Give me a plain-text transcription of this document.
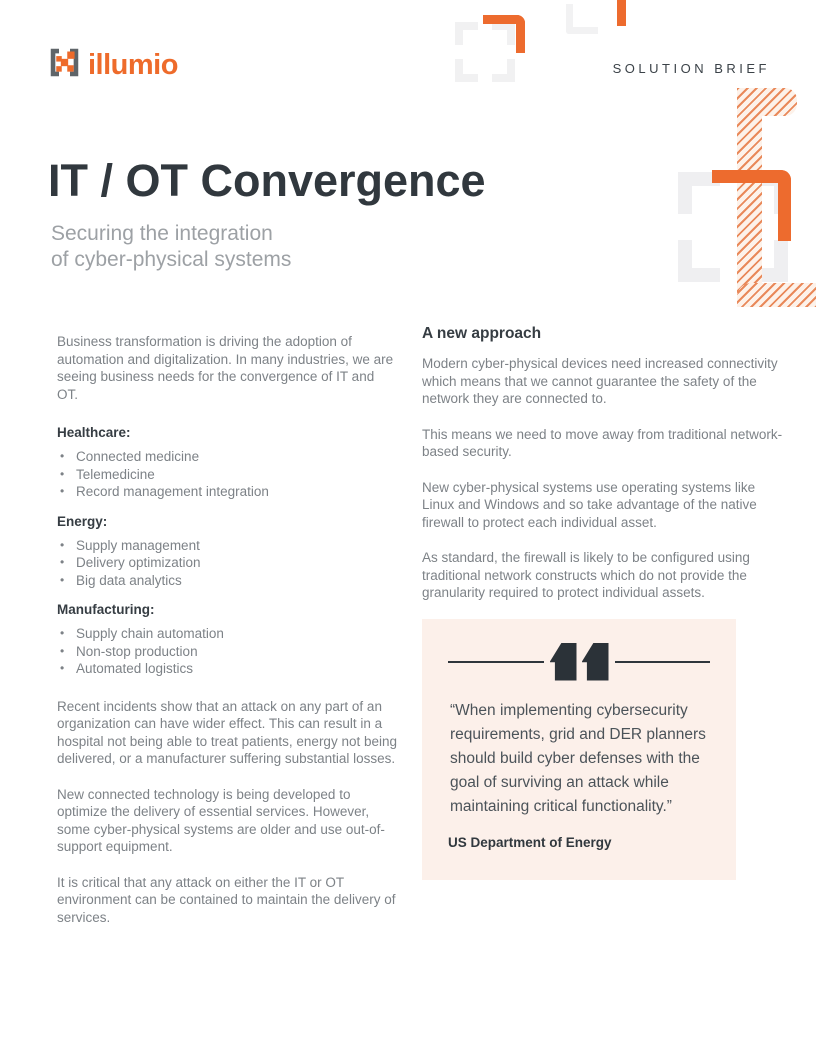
illumio	SOLUTION BRIEF
IT / OT Convergence
Securing the integration
of cyber-physical systems

Business transformation is driving the adoption of automation and digitalization. In many industries, we are seeing business needs for the convergence of IT and OT.

Healthcare:
• Connected medicine
• Telemedicine
• Record management integration
Energy:
• Supply management
• Delivery optimization
• Big data analytics
Manufacturing:
• Supply chain automation
• Non-stop production
• Automated logistics

Recent incidents show that an attack on any part of an organization can have wider effect. This can result in a hospital not being able to treat patients, energy not being delivered, or a manufacturer suffering substantial losses.

New connected technology is being developed to optimize the delivery of essential services. However, some cyber-physical systems are older and use out-of-support equipment.

It is critical that any attack on either the IT or OT environment can be contained to maintain the delivery of services.

A new approach

Modern cyber-physical devices need increased connectivity which means that we cannot guarantee the safety of the network they are connected to.

This means we need to move away from traditional network-based security.

New cyber-physical systems use operating systems like Linux and Windows and so take advantage of the native firewall to protect each individual asset.

As standard, the firewall is likely to be configured using traditional network constructs which do not provide the granularity required to protect individual assets.

“When implementing cybersecurity requirements, grid and DER planners should build cyber defenses with the goal of surviving an attack while maintaining critical functionality.”

US Department of Energy
